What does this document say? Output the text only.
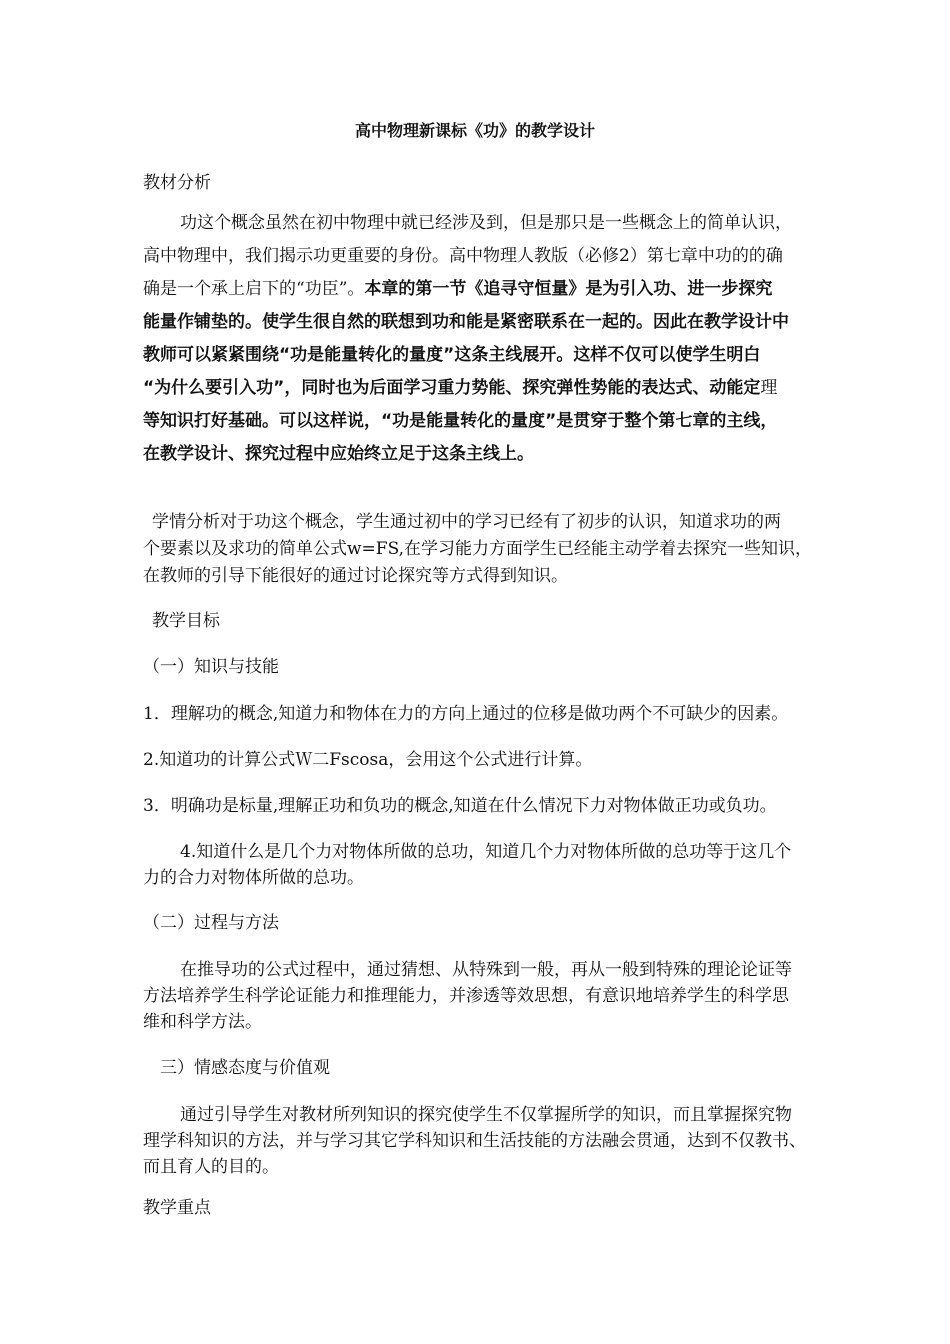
高中物理新课标《功》的教学设计
教材分析
功这个概念虽然在初中物理中就已经涉及到，但是那只是一些概念上的简单认识，
高中物理中，我们揭示功更重要的身份。高中物理人教版（必修2）第七章中功的的确
确是一个承上启下的“功臣”。本章的第一节《追寻守恒量》是为引入功、进一步探究
能量作铺垫的。使学生很自然的联想到功和能是紧密联系在一起的。因此在教学设计中
教师可以紧紧围绕“功是能量转化的量度”这条主线展开。这样不仅可以使学生明白
“为什么要引入功”，同时也为后面学习重力势能、探究弹性势能的表达式、动能定理
等知识打好基础。可以这样说，“功是能量转化的量度”是贯穿于整个第七章的主线，
在教学设计、探究过程中应始终立足于这条主线上。
学情分析对于功这个概念，学生通过初中的学习已经有了初步的认识，知道求功的两
个要素以及求功的简单公式w=FS,在学习能力方面学生已经能主动学着去探究一些知识，
在教师的引导下能很好的通过讨论探究等方式得到知识。
教学目标
（一）知识与技能
1．理解功的概念,知道力和物体在力的方向上通过的位移是做功两个不可缺少的因素。
2.知道功的计算公式Ｗ二Fscosa，会用这个公式进行计算。
3．明确功是标量,理解正功和负功的概念,知道在什么情况下力对物体做正功或负功。
4.知道什么是几个力对物体所做的总功，知道几个力对物体所做的总功等于这几个
力的合力对物体所做的总功。
（二）过程与方法
在推导功的公式过程中，通过猜想、从特殊到一般，再从一般到特殊的理论论证等
方法培养学生科学论证能力和推理能力，并渗透等效思想，有意识地培养学生的科学思
维和科学方法。
三）情感态度与价值观
通过引导学生对教材所列知识的探究使学生不仅掌握所学的知识，而且掌握探究物
理学科知识的方法，并与学习其它学科知识和生活技能的方法融会贯通，达到不仅教书、
而且育人的目的。
教学重点
